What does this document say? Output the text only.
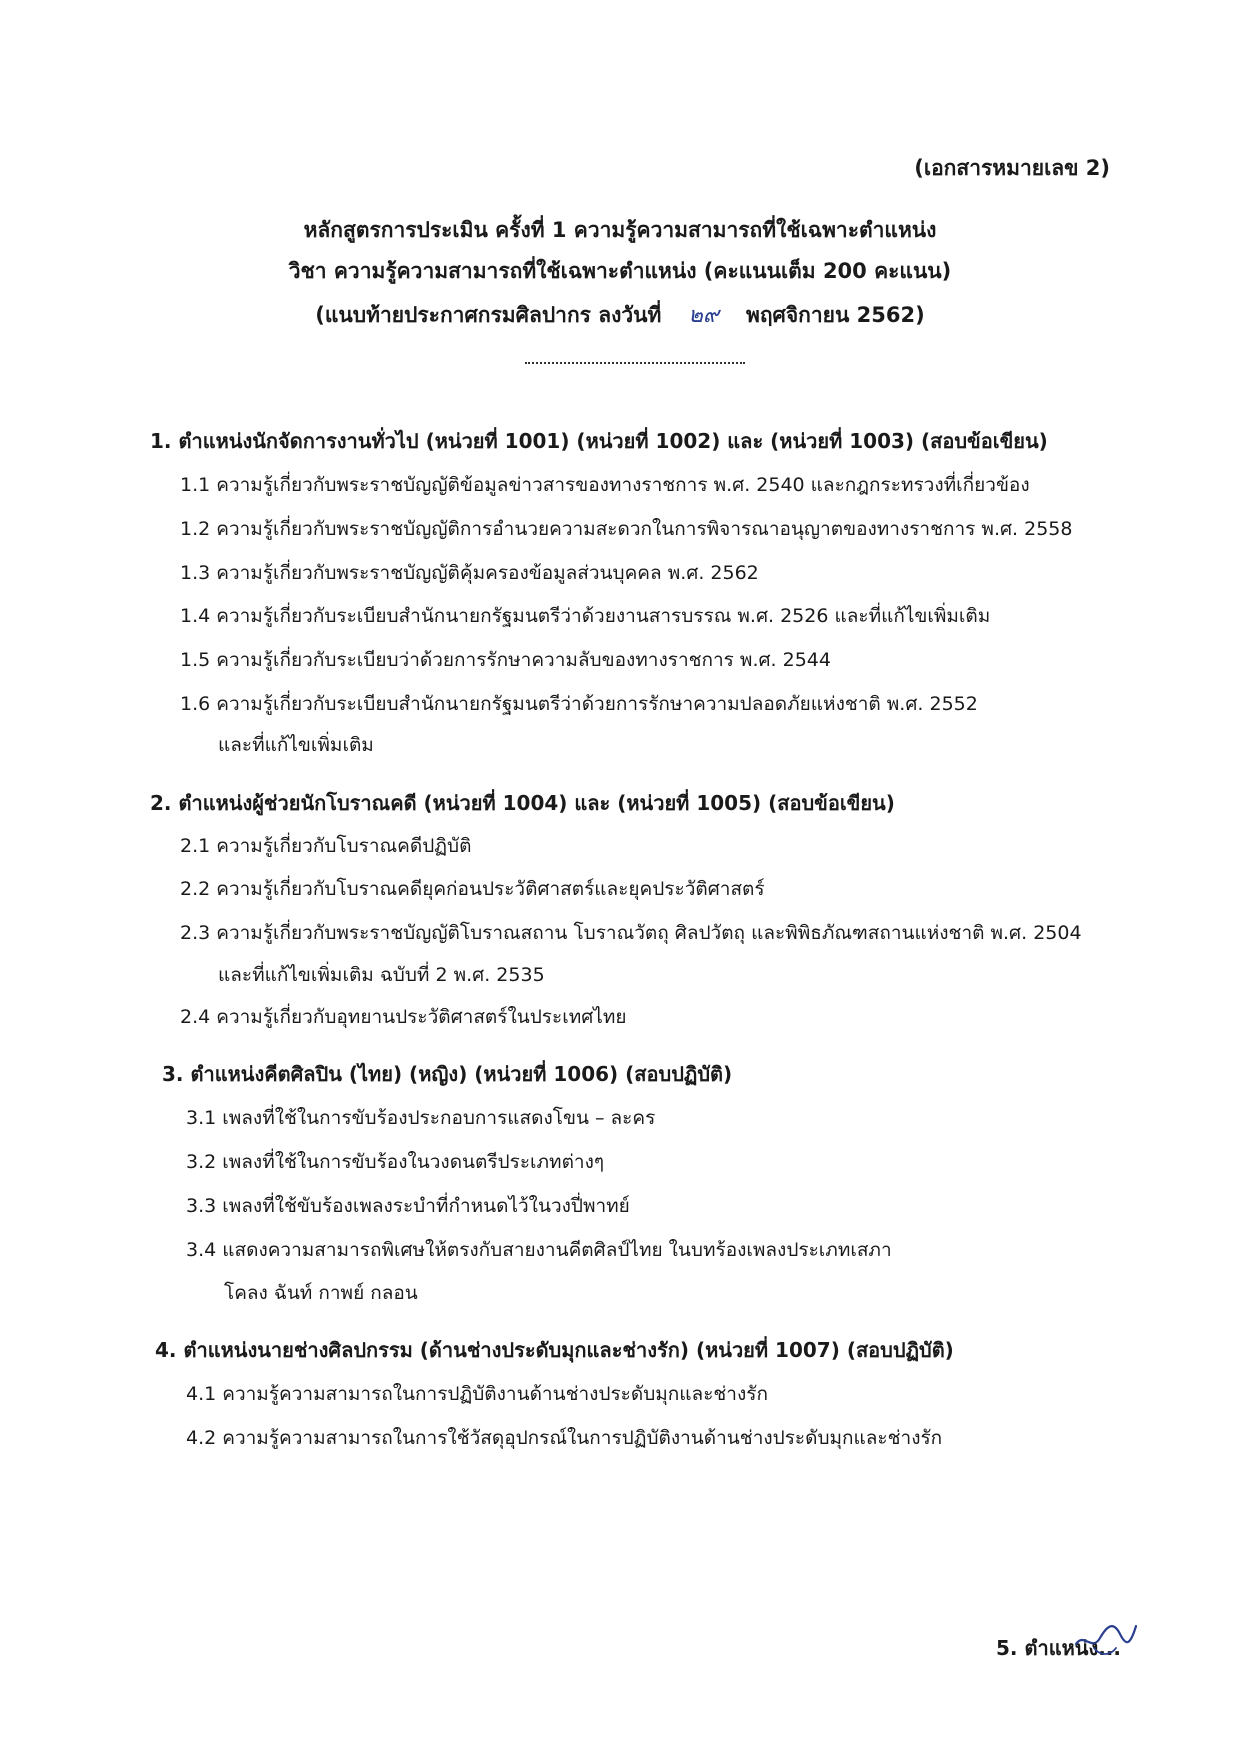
(เอกสารหมายเลข 2)
หลักสูตรการประเมิน ครั้งที่ 1 ความรู้ความสามารถที่ใช้เฉพาะตำแหน่ง
วิชา ความรู้ความสามารถที่ใช้เฉพาะตำแหน่ง (คะแนนเต็ม 200 คะแนน)
(แนบท้ายประกาศกรมศิลปากร ลงวันที่ ๒๙ พฤศจิกายน 2562)
1. ตำแหน่งนักจัดการงานทั่วไป (หน่วยที่ 1001) (หน่วยที่ 1002) และ (หน่วยที่ 1003) (สอบข้อเขียน)
1.1 ความรู้เกี่ยวกับพระราชบัญญัติข้อมูลข่าวสารของทางราชการ พ.ศ. 2540 และกฎกระทรวงที่เกี่ยวข้อง
1.2 ความรู้เกี่ยวกับพระราชบัญญัติการอำนวยความสะดวกในการพิจารณาอนุญาตของทางราชการ พ.ศ. 2558
1.3 ความรู้เกี่ยวกับพระราชบัญญัติคุ้มครองข้อมูลส่วนบุคคล พ.ศ. 2562
1.4 ความรู้เกี่ยวกับระเบียบสำนักนายกรัฐมนตรีว่าด้วยงานสารบรรณ พ.ศ. 2526 และที่แก้ไขเพิ่มเติม
1.5 ความรู้เกี่ยวกับระเบียบว่าด้วยการรักษาความลับของทางราชการ พ.ศ. 2544
1.6 ความรู้เกี่ยวกับระเบียบสำนักนายกรัฐมนตรีว่าด้วยการรักษาความปลอดภัยแห่งชาติ พ.ศ. 2552
และที่แก้ไขเพิ่มเติม
2. ตำแหน่งผู้ช่วยนักโบราณคดี (หน่วยที่ 1004) และ (หน่วยที่ 1005) (สอบข้อเขียน)
2.1 ความรู้เกี่ยวกับโบราณคดีปฏิบัติ
2.2 ความรู้เกี่ยวกับโบราณคดียุคก่อนประวัติศาสตร์และยุคประวัติศาสตร์
2.3 ความรู้เกี่ยวกับพระราชบัญญัติโบราณสถาน โบราณวัตถุ ศิลปวัตถุ และพิพิธภัณฑสถานแห่งชาติ พ.ศ. 2504
และที่แก้ไขเพิ่มเติม ฉบับที่ 2 พ.ศ. 2535
2.4 ความรู้เกี่ยวกับอุทยานประวัติศาสตร์ในประเทศไทย
3. ตำแหน่งคีตศิลปิน (ไทย) (หญิง) (หน่วยที่ 1006) (สอบปฏิบัติ)
3.1 เพลงที่ใช้ในการขับร้องประกอบการแสดงโขน – ละคร
3.2 เพลงที่ใช้ในการขับร้องในวงดนตรีประเภทต่างๆ
3.3 เพลงที่ใช้ขับร้องเพลงระบำที่กำหนดไว้ในวงปี่พาทย์
3.4 แสดงความสามารถพิเศษให้ตรงกับสายงานคีตศิลป์ไทย ในบทร้องเพลงประเภทเสภา
โคลง ฉันท์ กาพย์ กลอน
4. ตำแหน่งนายช่างศิลปกรรม (ด้านช่างประดับมุกและช่างรัก) (หน่วยที่ 1007) (สอบปฏิบัติ)
4.1 ความรู้ความสามารถในการปฏิบัติงานด้านช่างประดับมุกและช่างรัก
4.2 ความรู้ความสามารถในการใช้วัสดุอุปกรณ์ในการปฏิบัติงานด้านช่างประดับมุกและช่างรัก
5. ตำแหน่ง...
